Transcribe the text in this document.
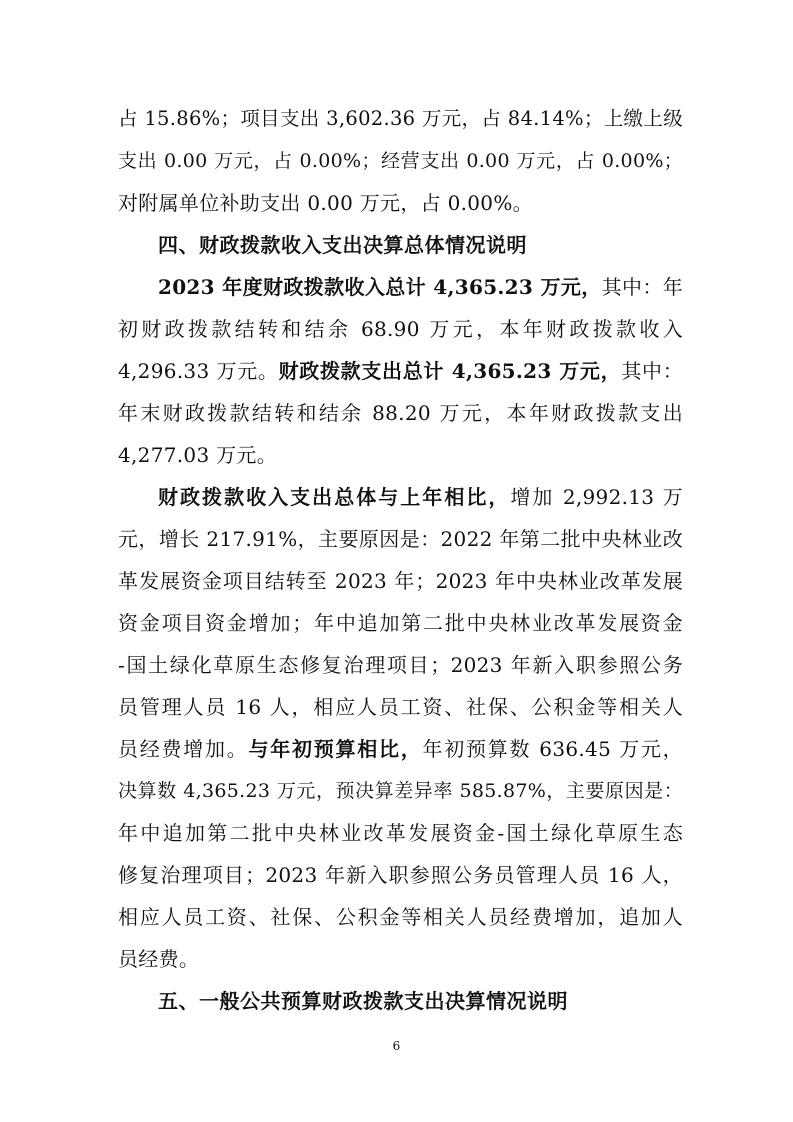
占 15.86%；项目支出 3,602.36 万元，占 84.14%；上缴上级
支出 0.00 万元，占 0.00%；经营支出 0.00 万元，占 0.00%；
对附属单位补助支出 0.00 万元，占 0.00%。
四、财政拨款收入支出决算总体情况说明
2023 年度财政拨款收入总计 4,365.23 万元，其中：年
初财政拨款结转和结余 68.90 万元，本年财政拨款收入
4,296.33 万元。财政拨款支出总计 4,365.23 万元，其中：
年末财政拨款结转和结余 88.20 万元，本年财政拨款支出
4,277.03 万元。
财政拨款收入支出总体与上年相比，增加 2,992.13 万
元，增长 217.91%，主要原因是：2022 年第二批中央林业改
革发展资金项目结转至 2023 年；2023 年中央林业改革发展
资金项目资金增加；年中追加第二批中央林业改革发展资金
-国土绿化草原生态修复治理项目；2023 年新入职参照公务
员管理人员 16 人，相应人员工资、社保、公积金等相关人
员经费增加。与年初预算相比，年初预算数 636.45 万元，
决算数 4,365.23 万元，预决算差异率 585.87%，主要原因是：
年中追加第二批中央林业改革发展资金-国土绿化草原生态
修复治理项目；2023 年新入职参照公务员管理人员 16 人，
相应人员工资、社保、公积金等相关人员经费增加，追加人
员经费。
五、一般公共预算财政拨款支出决算情况说明
6
